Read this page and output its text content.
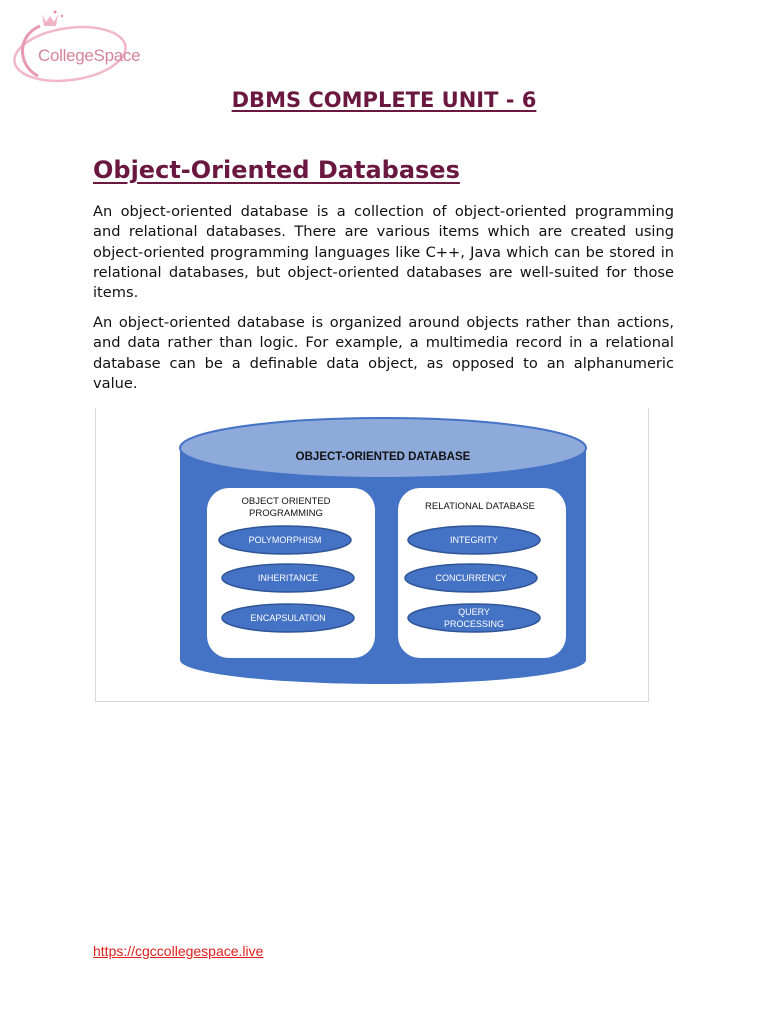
CollegeSpace
DBMS COMPLETE UNIT - 6
Object-Oriented Databases

An object-oriented database is a collection of object-oriented programming and relational databases. There are various items which are created using object-oriented programming languages like C++, Java which can be stored in relational databases, but object-oriented databases are well-suited for those items.

An object-oriented database is organized around objects rather than actions, and data rather than logic. For example, a multimedia record in a relational database can be a definable data object, as opposed to an alphanumeric value.

OBJECT-ORIENTED DATABASE
OBJECT ORIENTED
PROGRAMMING
POLYMORPHISM
INHERITANCE
ENCAPSULATION
RELATIONAL DATABASE
INTEGRITY
CONCURRENCY
QUERY
PROCESSING
https://cgccollegespace.live
